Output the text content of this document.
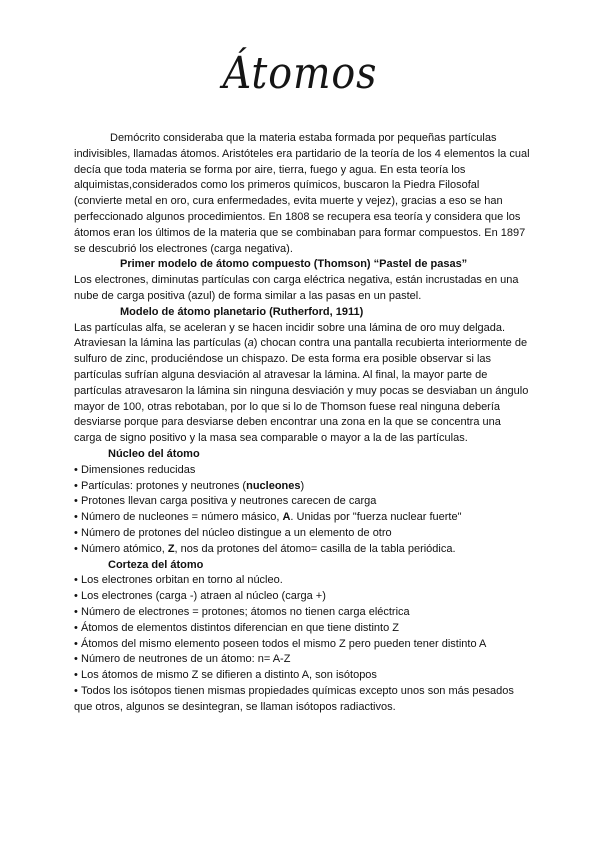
Átomos

Demócrito consideraba que la materia estaba formada por pequeñas partículas indivisibles, llamadas átomos. Aristóteles era partidario de la teoría de los 4 elementos la cual decía que toda materia se forma por aire, tierra, fuego y agua. En esta teoría los alquimistas,considerados como los primeros químicos, buscaron la Piedra Filosofal (convierte metal en oro, cura enfermedades, evita muerte y vejez), gracias a eso se han perfeccionado algunos procedimientos. En 1808 se recupera esa teoría y considera que los átomos eran los últimos de la materia que se combinaban para formar compuestos. En 1897 se descubrió los electrones (carga negativa).

Primer modelo de átomo compuesto (Thomson) “Pastel de pasas”

Los electrones, diminutas partículas con carga eléctrica negativa, están incrustadas en una nube de carga positiva (azul) de forma similar a las pasas en un pastel.

Modelo de átomo planetario (Rutherford, 1911)

Las partículas alfa, se aceleran y se hacen incidir sobre una lámina de oro muy delgada. Atraviesan la lámina las partículas (a) chocan contra una pantalla recubierta interiormente de sulfuro de zinc, produciéndose un chispazo. De esta forma era posible observar si las partículas sufrían alguna desviación al atravesar la lámina. Al final, la mayor parte de partículas atravesaron la lámina sin ninguna desviación y muy pocas se desviaban un ángulo mayor de 100, otras rebotaban, por lo que si lo de Thomson fuese real ninguna debería desviarse porque para desviarse deben encontrar una zona en la que se concentra una carga de signo positivo y la masa sea comparable o mayor a la de las partículas.

Núcleo del átomo

• Dimensiones reducidas
• Partículas: protones y neutrones (nucleones)
• Protones llevan carga positiva y neutrones carecen de carga
• Número de nucleones = número másico, A. Unidas por "fuerza nuclear fuerte"
• Número de protones del núcleo distingue a un elemento de otro
• Número atómico, Z, nos da protones del átomo= casilla de la tabla periódica.

Corteza del átomo

• Los electrones orbitan en torno al núcleo.
• Los electrones (carga -) atraen al núcleo (carga +)
• Número de electrones = protones; átomos no tienen carga eléctrica
• Átomos de elementos distintos diferencian en que tiene distinto Z
• Átomos del mismo elemento poseen todos el mismo Z pero pueden tener distinto A
• Número de neutrones de un átomo: n= A-Z
• Los átomos de mismo Z se difieren a distinto A, son isótopos
• Todos los isótopos tienen mismas propiedades químicas excepto unos son más pesados que otros, algunos se desintegran, se llaman isótopos radiactivos.
